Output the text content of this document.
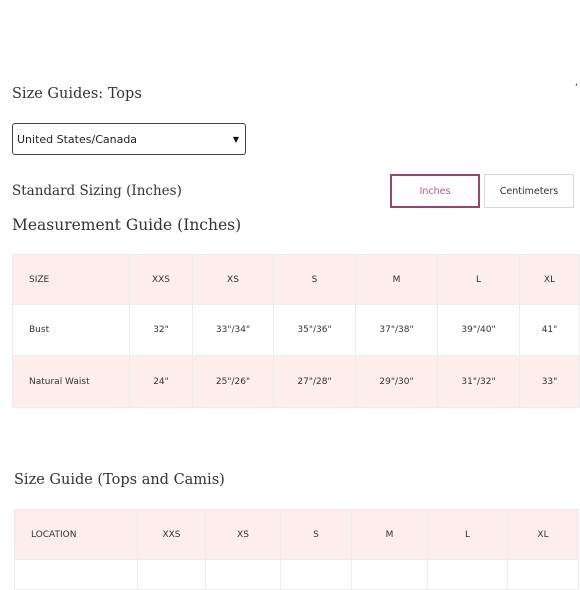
,
Size Guides: Tops
United States/Canada	▼
Standard Sizing (Inches)	Inches	Centimeters
Measurement Guide (Inches)
SIZE	XXS	XS	S	M	L	XL
Bust	32"	33"/34"	35"/36"	37"/38"	39"/40"	41"
Natural Waist	24"	25"/26"	27"/28"	29"/30"	31"/32"	33"
Size Guide (Tops and Camis)
LOCATION	XXS	XS	S	M	L	XL
